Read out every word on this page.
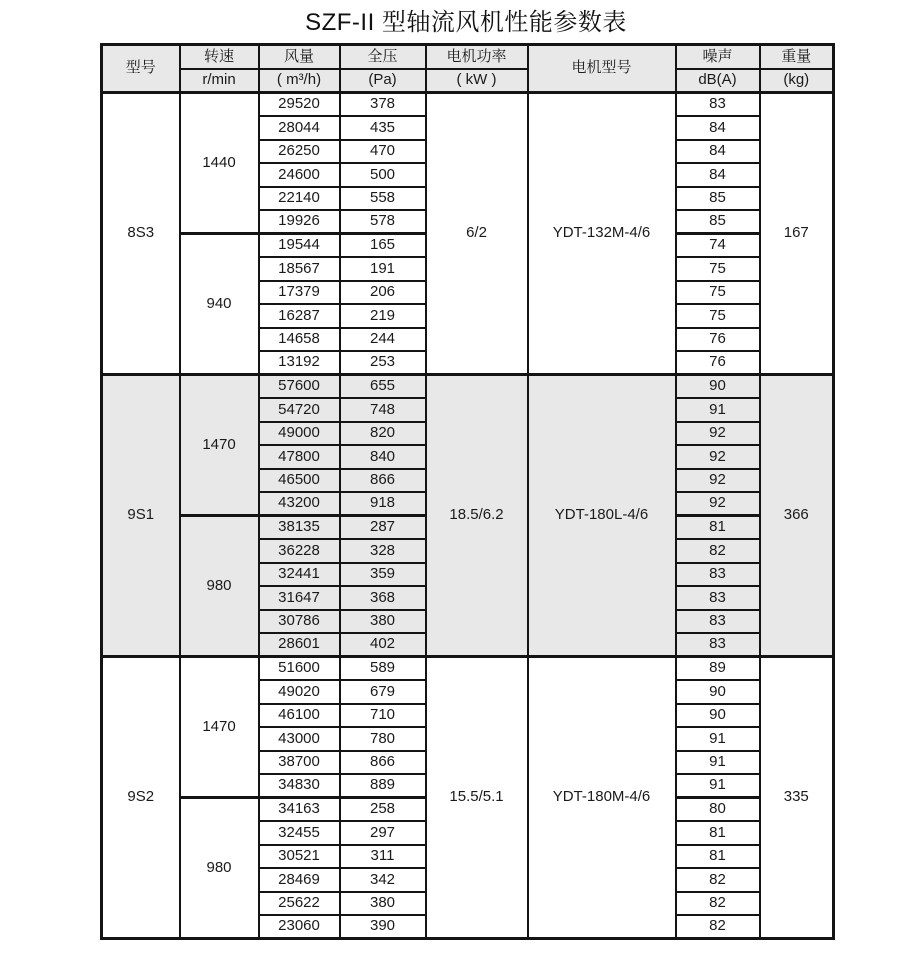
SZF-II 型轴流风机性能参数表
型号	转速	风量	全压	电机功率	电机型号	噪声	重量
	r/min	( m³/h)	(Pa)	( kW )		dB(A)	(kg)
8S3	1440	29520	378	6/2	YDT-132M-4/6	83	167
		28044	435			84	
		26250	470			84	
		24600	500			84	
		22140	558			85	
		19926	578			85	
	940	19544	165			74	
		18567	191			75	
		17379	206			75	
		16287	219			75	
		14658	244			76	
		13192	253			76	
9S1	1470	57600	655	18.5/6.2	YDT-180L-4/6	90	366
		54720	748			91	
		49000	820			92	
		47800	840			92	
		46500	866			92	
		43200	918			92	
	980	38135	287			81	
		36228	328			82	
		32441	359			83	
		31647	368			83	
		30786	380			83	
		28601	402			83	
9S2	1470	51600	589	15.5/5.1	YDT-180M-4/6	89	335
		49020	679			90	
		46100	710			90	
		43000	780			91	
		38700	866			91	
		34830	889			91	
	980	34163	258			80	
		32455	297			81	
		30521	311			81	
		28469	342			82	
		25622	380			82	
		23060	390			82	
